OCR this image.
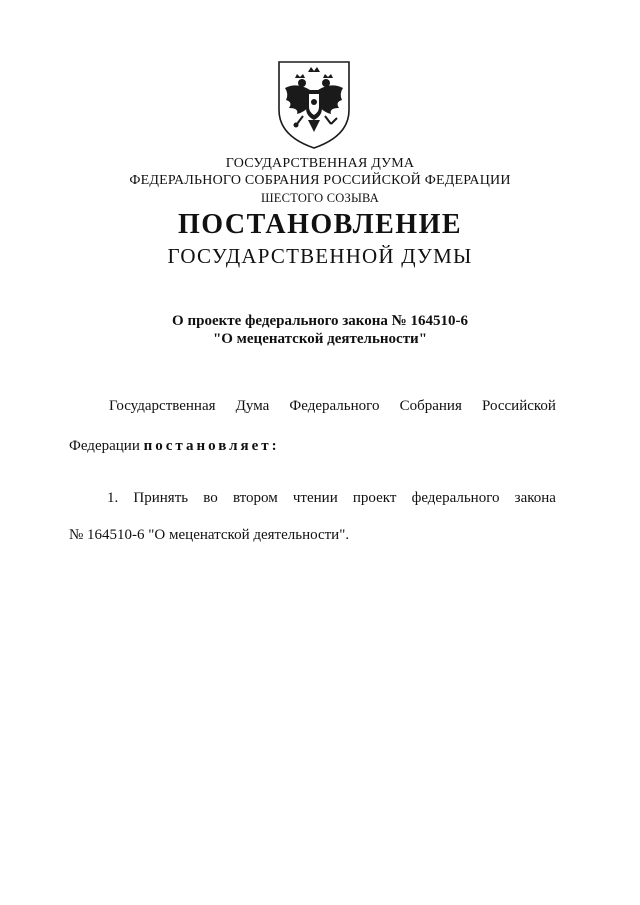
ГОСУДАРСТВЕННАЯ ДУМА
ФЕДЕРАЛЬНОГО СОБРАНИЯ РОССИЙСКОЙ ФЕДЕРАЦИИ
ШЕСТОГО СОЗЫВА
ПОСТАНОВЛЕНИЕ
ГОСУДАРСТВЕННОЙ ДУМЫ
О проекте федерального закона № 164510-6
"О меценатской деятельности"
Государственная Дума Федерального Собрания Российской
Федерации постановляет:
1. Принять во втором чтении проект федерального закона
№ 164510-6 "О меценатской деятельности".
